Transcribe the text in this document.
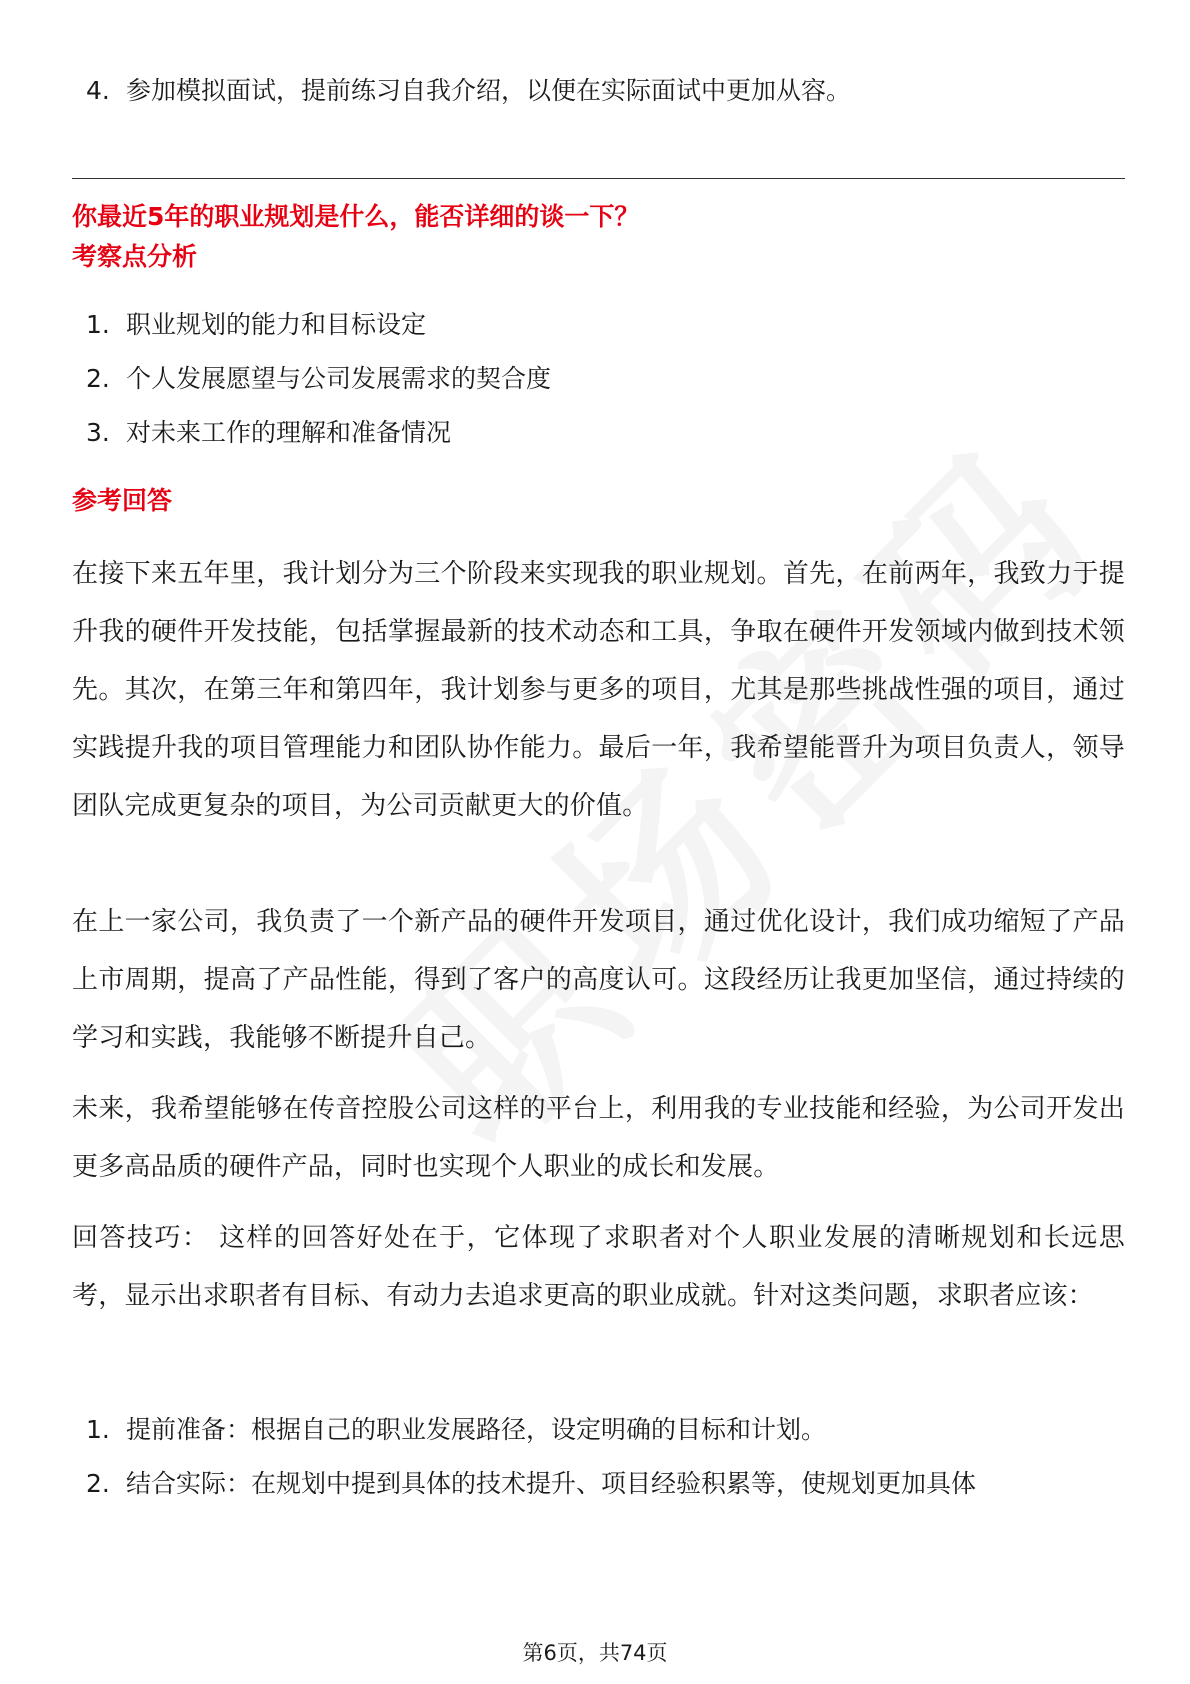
4. 参加模拟面试，提前练习自我介绍，以便在实际面试中更加从容。
你最近5年的职业规划是什么，能否详细的谈一下？
考察点分析
1. 职业规划的能力和目标设定
2. 个人发展愿望与公司发展需求的契合度
3. 对未来工作的理解和准备情况
参考回答

在接下来五年里，我计划分为三个阶段来实现我的职业规划。首先，在前两年，我致力于提升我的硬件开发技能，包括掌握最新的技术动态和工具，争取在硬件开发领域内做到技术领先。其次，在第三年和第四年，我计划参与更多的项目，尤其是那些挑战性强的项目，通过实践提升我的项目管理能力和团队协作能力。最后一年，我希望能晋升为项目负责人，领导团队完成更复杂的项目，为公司贡献更大的价值。

在上一家公司，我负责了一个新产品的硬件开发项目，通过优化设计，我们成功缩短了产品上市周期，提高了产品性能，得到了客户的高度认可。这段经历让我更加坚信，通过持续的学习和实践，我能够不断提升自己。

未来，我希望能够在传音控股公司这样的平台上，利用我的专业技能和经验，为公司开发出更多高品质的硬件产品，同时也实现个人职业的成长和发展。

回答技巧： 这样的回答好处在于，它体现了求职者对个人职业发展的清晰规划和长远思考，显示出求职者有目标、有动力去追求更高的职业成就。针对这类问题，求职者应该：

1. 提前准备：根据自己的职业发展路径，设定明确的目标和计划。
2. 结合实际：在规划中提到具体的技术提升、项目经验积累等，使规划更加具体
第6页，共74页
